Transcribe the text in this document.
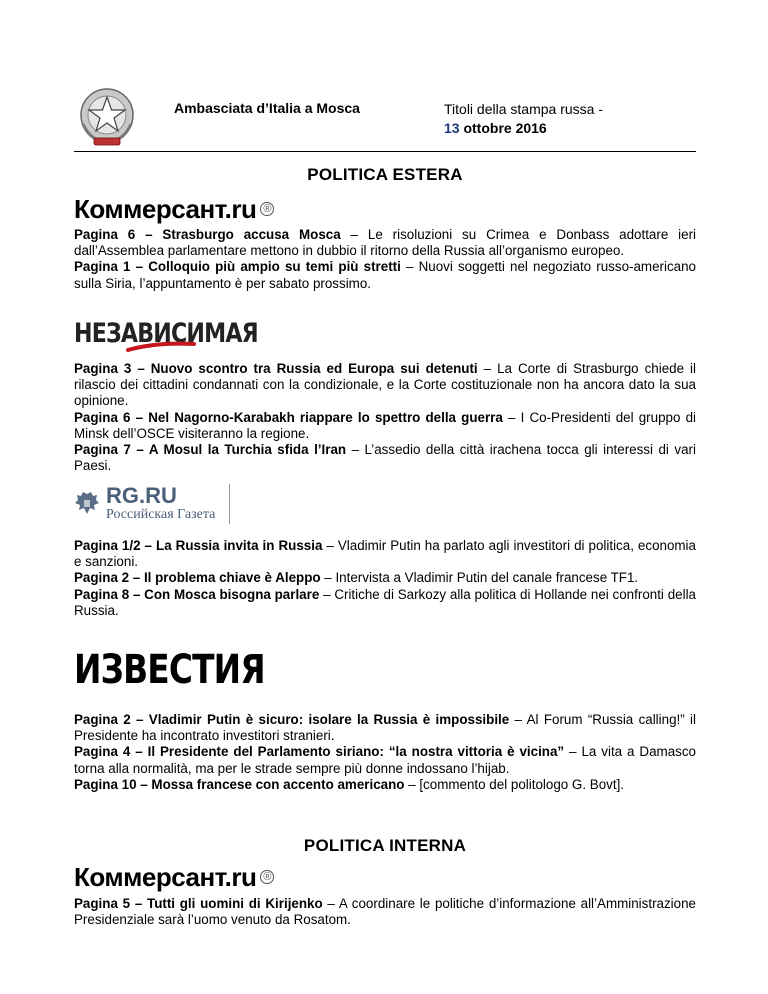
Ambasciata d’Italia a Mosca	Titoli della stampa russa -
13 ottobre 2016
POLITICA ESTERA
Коммерсант.ru ®

Pagina 6 – Strasburgo accusa Mosca – Le risoluzioni su Crimea e Donbass adottare ieri dall’Assemblea parlamentare mettono in dubbio il ritorno della Russia all’organismo europeo.

Pagina 1 – Colloquio più ampio su temi più stretti – Nuovi soggetti nel negoziato russo-americano sulla Siria, l’appuntamento è per sabato prossimo.

НЕЗАВИСИМАЯ

Pagina 3 – Nuovo scontro tra Russia ed Europa sui detenuti – La Corte di Strasburgo chiede il rilascio dei cittadini condannati con la condizionale, e la Corte costituzionale non ha ancora dato la sua opinione.

Pagina 6 – Nel Nagorno-Karabakh riappare lo spettro della guerra – I Co-Presidenti del gruppo di Minsk dell’OSCE visiteranno la regione.

Pagina 7 – A Mosul la Turchia sfida l’Iran – L’assedio della città irachena tocca gli interessi di vari Paesi.

RG.RU
Российская Газета

Pagina 1/2 – La Russia invita in Russia – Vladimir Putin ha parlato agli investitori di politica, economia e sanzioni.

Pagina 2 – Il problema chiave è Aleppo – Intervista a Vladimir Putin del canale francese TF1.

Pagina 8 – Con Mosca bisogna parlare – Critiche di Sarkozy alla politica di Hollande nei confronti della Russia.

ИЗВЕСТИЯ

Pagina 2 – Vladimir Putin è sicuro: isolare la Russia è impossibile – Al Forum “Russia calling!” il Presidente ha incontrato investitori stranieri.

Pagina 4 – Il Presidente del Parlamento siriano: “la nostra vittoria è vicina” – La vita a Damasco torna alla normalità, ma per le strade sempre più donne indossano l’hijab.

Pagina 10 – Mossa francese con accento americano – [commento del politologo G. Bovt].

POLITICA INTERNA
Коммерсант.ru ®

Pagina 5 – Tutti gli uomini di Kirijenko – A coordinare le politiche d’informazione all’Amministrazione Presidenziale sarà l’uomo venuto da Rosatom.
